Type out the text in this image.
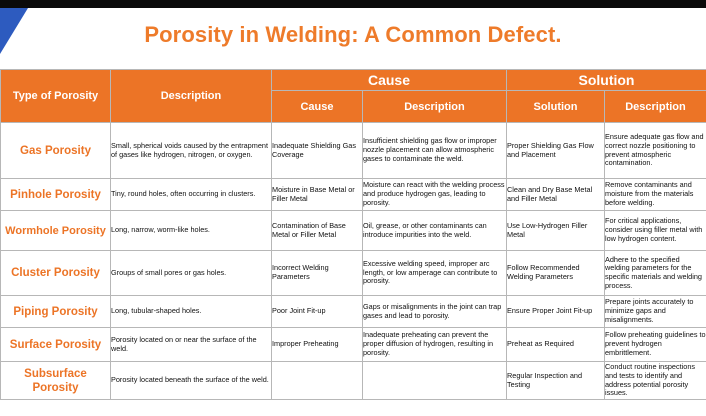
Porosity in Welding: A Common Defect.
Type of Porosity	Description	Cause		Solution	
		Cause	Description	Solution	Description
Gas Porosity	Small, spherical voids caused by the entrapment of gases like hydrogen, nitrogen, or oxygen.	Inadequate Shielding Gas Coverage	Insufficient shielding gas flow or improper nozzle placement can allow atmospheric gases to contaminate the weld.	Proper Shielding Gas Flow and Placement	Ensure adequate gas flow and correct nozzle positioning to prevent atmospheric contamination.
Pinhole Porosity	Tiny, round holes, often occurring in clusters.	Moisture in Base Metal or Filler Metal	Moisture can react with the welding process and produce hydrogen gas, leading to porosity.	Clean and Dry Base Metal and Filler Metal	Remove contaminants and moisture from the materials before welding.
Wormhole Porosity	Long, narrow, worm-like holes.	Contamination of Base Metal or Filler Metal	Oil, grease, or other contaminants can introduce impurities into the weld.	Use Low-Hydrogen Filler Metal	For critical applications, consider using filler metal with low hydrogen content.
Cluster Porosity	Groups of small pores or gas holes.	Incorrect Welding Parameters	Excessive welding speed, improper arc length, or low amperage can contribute to porosity.	Follow Recommended Welding Parameters	Adhere to the specified welding parameters for the specific materials and welding process.
Piping Porosity	Long, tubular-shaped holes.	Poor Joint Fit-up	Gaps or misalignments in the joint can trap gases and lead to porosity.	Ensure Proper Joint Fit-up	Prepare joints accurately to minimize gaps and misalignments.
Surface Porosity	Porosity located on or near the surface of the weld.	Improper Preheating	Inadequate preheating can prevent the proper diffusion of hydrogen, resulting in porosity.	Preheat as Required	Follow preheating guidelines to prevent hydrogen embrittlement.
Subsurface Porosity	Porosity located beneath the surface of the weld.			Regular Inspection and Testing	Conduct routine inspections and tests to identify and address potential porosity issues.
